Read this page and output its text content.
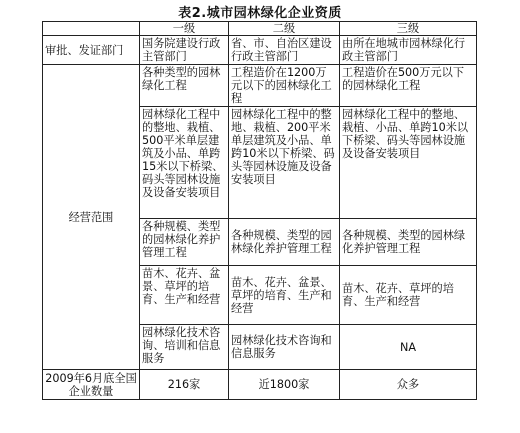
表2.城市园林绿化企业资质
	一级	二级	三级
审批、发证部门	国务院建设行政主管部门	省、市、自治区建设行政主管部门	由所在地城市园林绿化行政主管部门
经营范围	各种类型的园林绿化工程	工程造价在1200万元以下的园林绿化工程	工程造价在500万元以下的园林绿化工程
	园林绿化工程中的整地、栽植、500平米单层建筑及小品、单跨15米以下桥梁、码头等园林设施及设备安装项目	园林绿化工程中的整地、栽植、200平米单层建筑及小品、单跨10米以下桥梁、码头等园林设施及设备安装项目	园林绿化工程中的整地、栽植、小品、单跨10米以下桥梁、码头等园林设施及设备安装项目
	各种规模、类型的园林绿化养护管理工程	各种规模、类型的园林绿化养护管理工程	各种规模、类型的园林绿化养护管理工程
	苗木、花卉、盆景、草坪的培育、生产和经营	苗木、花卉、盆景、草坪的培育、生产和经营	苗木、花卉、草坪的培育、生产和经营
	园林绿化技术咨询、培训和信息服务	园林绿化技术咨询和信息服务	NA
2009年6月底全国企业数量	216家	近1800家	众多
